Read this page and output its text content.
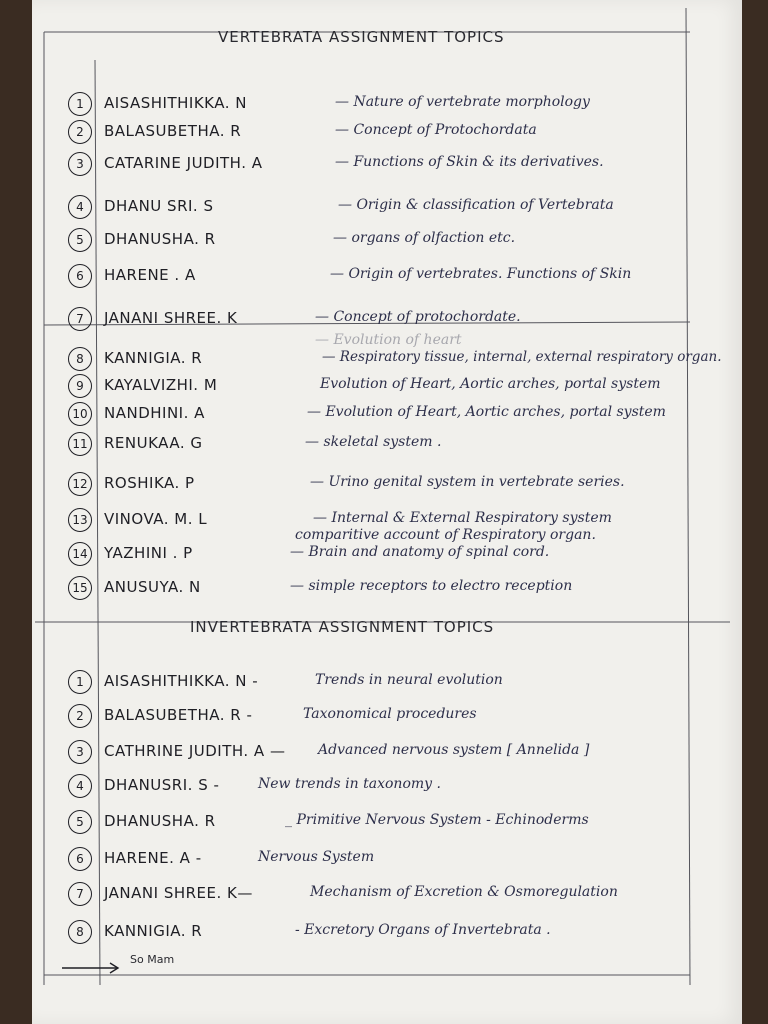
VERTEBRATA ASSIGNMENT TOPICS
1	AISASHITHIKKA. N	— Nature of vertebrate morphology
2	BALASUBETHA. R	— Concept of Protochordata
3	CATARINE JUDITH. A	— Functions of Skin & its derivatives.
4	DHANU SRI. S	— Origin & classification of Vertebrata
5	DHANUSHA. R	— organs of olfaction etc.
6	HARENE . A	— Origin of vertebrates. Functions of Skin
7	JANANI SHREE. K	— Concept of protochordate.
— Evolution of heart
8	KANNIGIA. R	— Respiratory tissue, internal, external respiratory organ.
9	KAYALVIZHI. M	Evolution of Heart, Aortic arches, portal system
10 NANDHINI. A	— Evolution of Heart, Aortic arches, portal system
11 RENUKAA. G	— skeletal system .
12 ROSHIKA. P	— Urino genital system in vertebrate series.
13 VINOVA. M. L	— Internal & External Respiratory system
comparitive account of Respiratory organ.
14 YAZHINI . P	— Brain and anatomy of spinal cord.
15 ANUSUYA. N	— simple receptors to electro reception
INVERTEBRATA ASSIGNMENT TOPICS
1	AISASHITHIKKA. N -	Trends in neural evolution
2	BALASUBETHA. R -	Taxonomical procedures
3	CATHRINE JUDITH. A — Advanced nervous system [ Annelida ]
4	DHANUSRI. S -	New trends in taxonomy .
5	DHANUSHA. R	_ Primitive Nervous System - Echinoderms
6	HARENE. A -	Nervous System
7	JANANI SHREE. K—	Mechanism of Excretion & Osmoregulation
8	KANNIGIA. R	- Excretory Organs of Invertebrata .
So Mam
